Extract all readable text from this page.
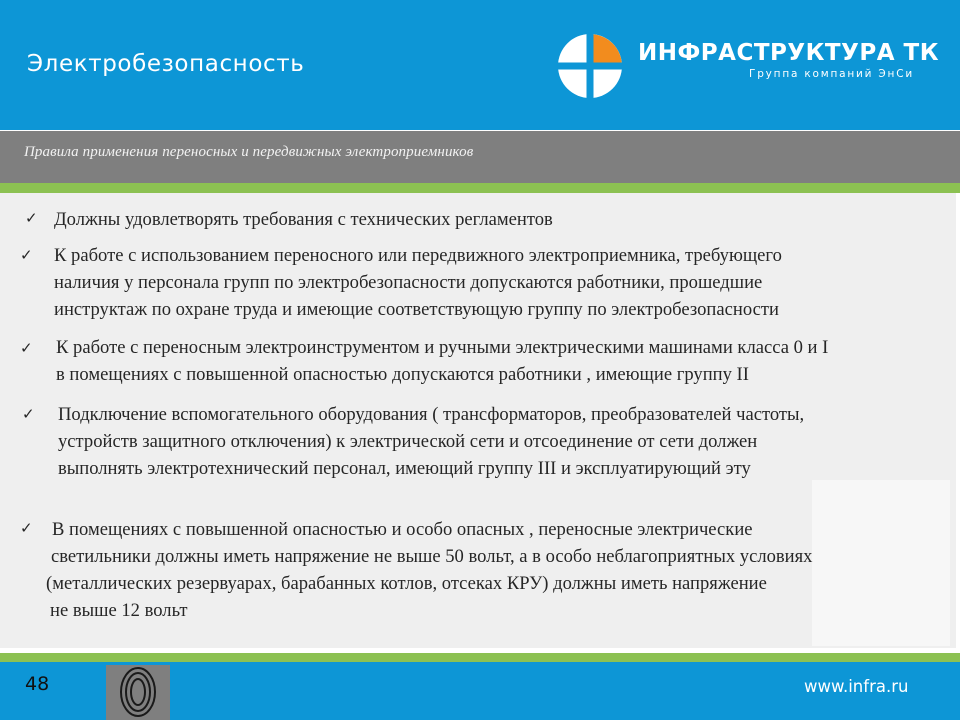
Электробезопасность	ИНФРАСТРУКТУРА ТК
Группа компаний ЭнСи
Правила применения переносных и передвижных электроприемников
✓ Должны удовлетворять требования с технических регламентов
✓ К работе с использованием переносного или передвижного электроприемника, требующего
наличия у персонала групп по электробезопасности допускаются работники, прошедшие
инструктаж по охране труда и имеющие соответствующую группу по электробезопасности
✓ К работе с переносным электроинструментом и ручными электрическими машинами класса 0 и I
в помещениях с повышенной опасностью допускаются работники , имеющие группу II
✓ Подключение вспомогательного оборудования ( трансформаторов, преобразователей частоты,
устройств защитного отключения) к электрической сети и отсоединение от сети должен
выполнять электротехнический персонал, имеющий группу III и эксплуатирующий эту
✓ В помещениях с повышенной опасностью и особо опасных , переносные электрические
светильники должны иметь напряжение не выше 50 вольт, а в особо неблагоприятных условиях
(металлических резервуарах, барабанных котлов, отсеках КРУ) должны иметь напряжение
не выше 12 вольт
48	www.infra.ru
